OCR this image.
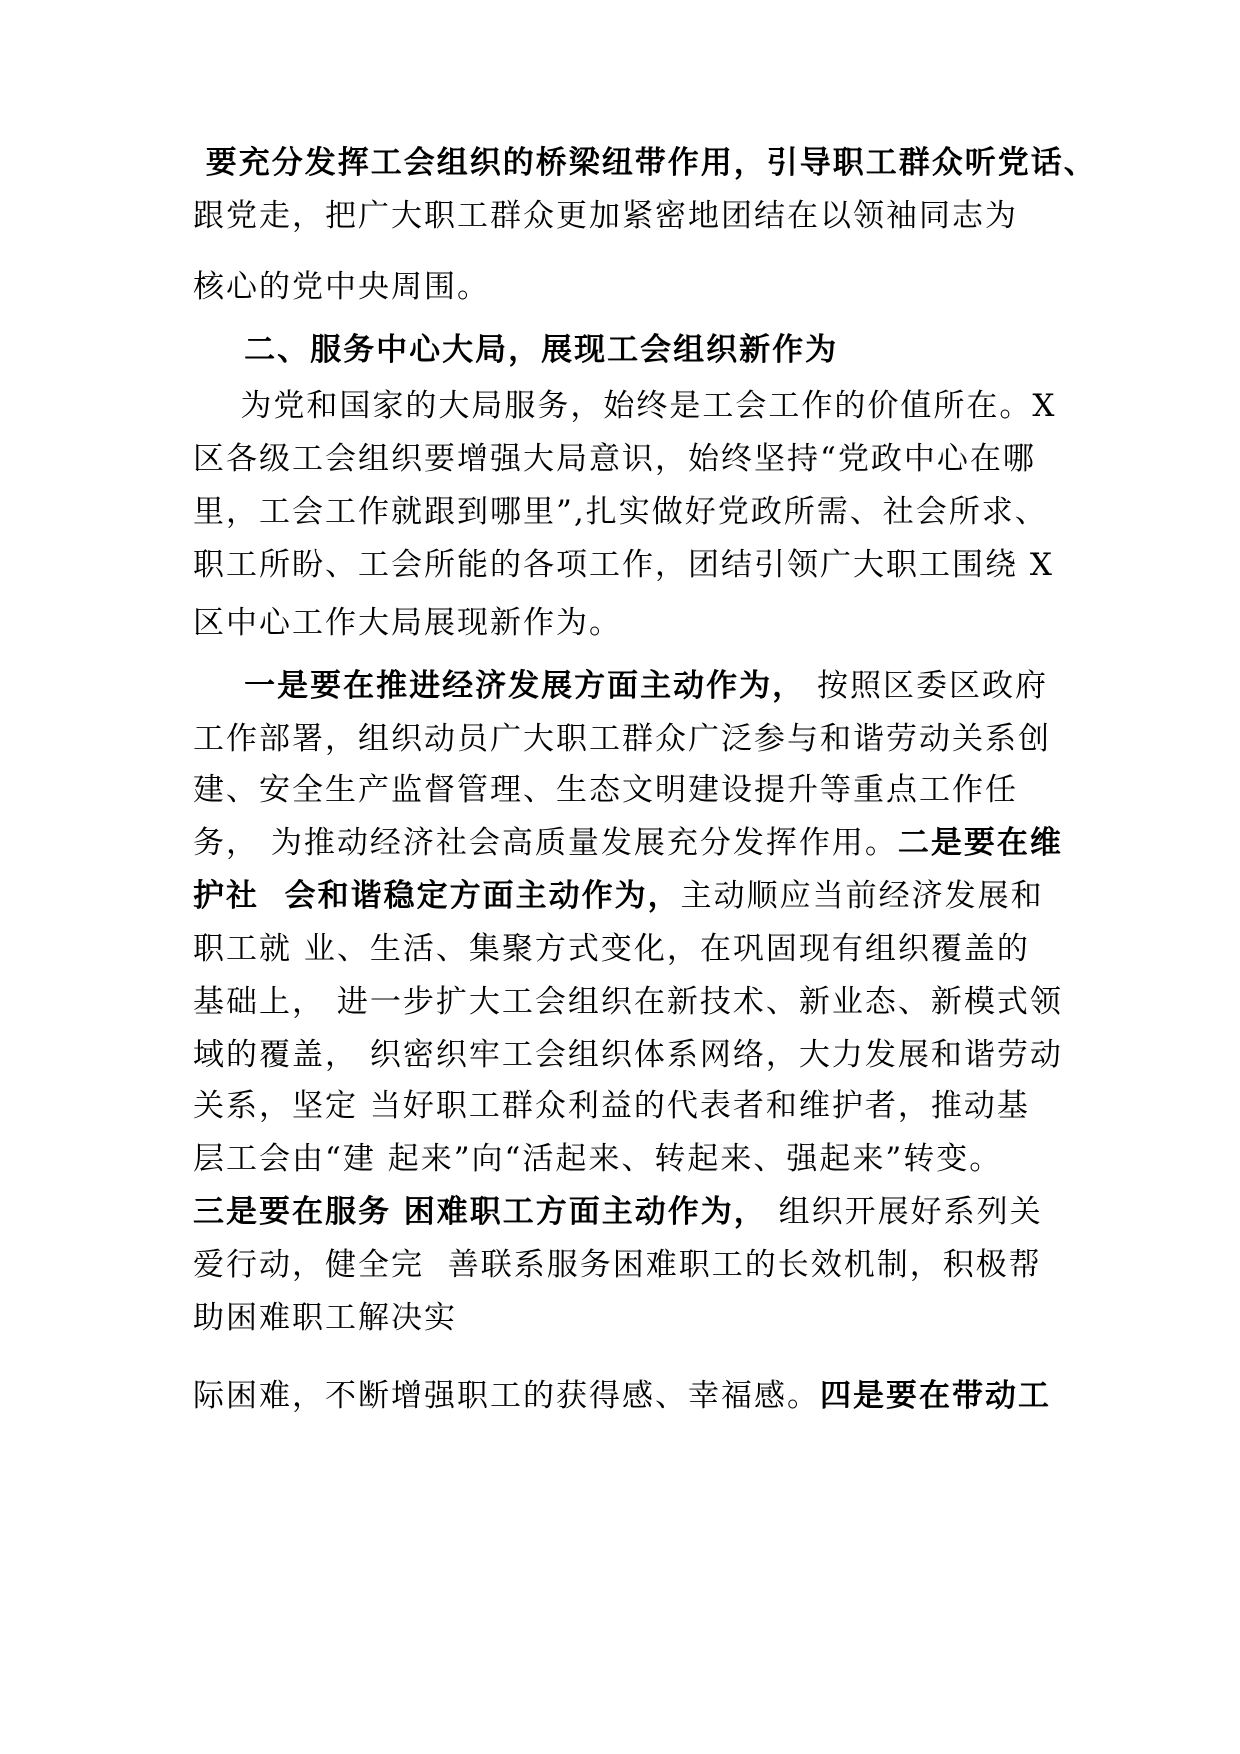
要充分发挥工会组织的桥梁纽带作用，引导职工群众听党话、

跟党走，把广大职工群众更加紧密地团结在以领袖同志为

核心的党中央周围。

二、服务中心大局，展现工会组织新作为

为党和国家的大局服务，始终是工会工作的价值所在。X

区各级工会组织要增强大局意识，始终坚持“党政中心在哪

里，工会工作就跟到哪里”,扎实做好党政所需、社会所求、

职工所盼、工会所能的各项工作，团结引领广大职工围绕 X

区中心工作大局展现新作为。

一是要在推进经济发展方面主动作为， 按照区委区政府

工作部署，组织动员广大职工群众广泛参与和谐劳动关系创

建、安全生产监督管理、生态文明建设提升等重点工作任

务， 为推动经济社会高质量发展充分发挥作用。二是要在维

护社  会和谐稳定方面主动作为，主动顺应当前经济发展和

职工就 业、生活、集聚方式变化，在巩固现有组织覆盖的

基础上， 进一步扩大工会组织在新技术、新业态、新模式领

域的覆盖， 织密织牢工会组织体系网络，大力发展和谐劳动

关系，坚定 当好职工群众利益的代表者和维护者，推动基

层工会由“建 起来”向“活起来、转起来、强起来”转变。

三是要在服务 困难职工方面主动作为， 组织开展好系列关

爱行动，健全完  善联系服务困难职工的长效机制，积极帮

助困难职工解决实

际困难，不断增强职工的获得感、幸福感。四是要在带动工
